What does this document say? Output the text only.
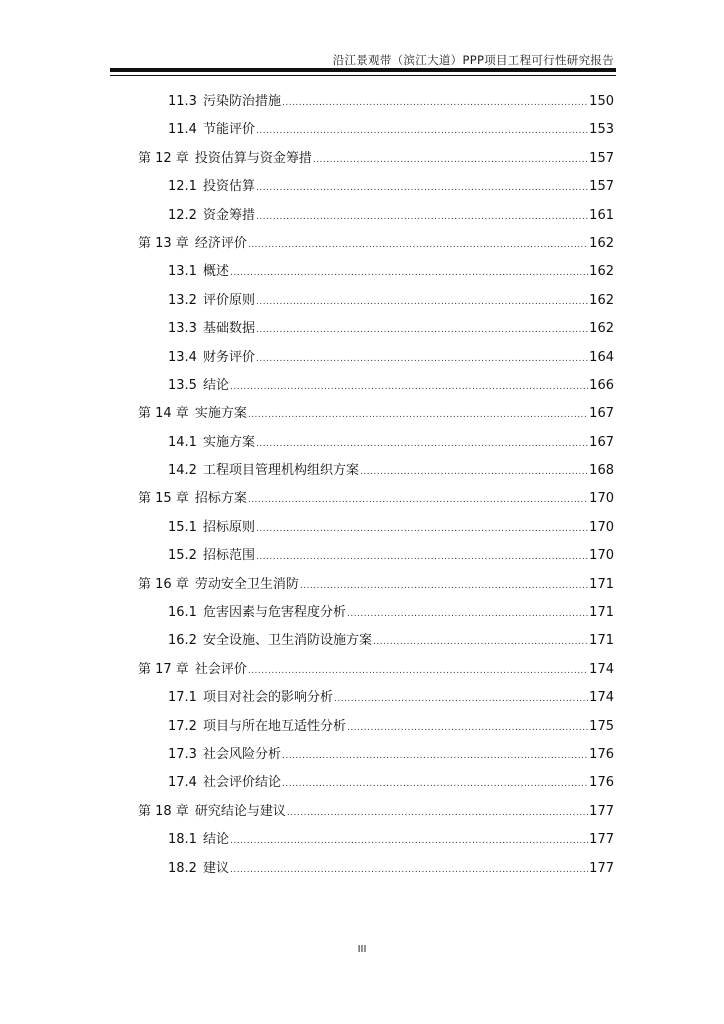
沿江景观带（滨江大道）PPP项目工程可行性研究报告
11.3 污染防治措施 .....	150
11.4 节能评价 .....	153
第 12 章 投资估算与资金筹措 .....	157
12.1 投资估算 .....	157
12.2 资金筹措 .....	161
第 13 章 经济评价 .....	162
13.1 概述 .....	162
13.2 评价原则 .....	162
13.3 基础数据 .....	162
13.4 财务评价 .....	164
13.5 结论 .....	166
第 14 章 实施方案 .....	167
14.1 实施方案 .....	167
14.2 工程项目管理机构组织方案 .....	168
第 15 章 招标方案 .....	170
15.1 招标原则 .....	170
15.2 招标范围 .....	170
第 16 章 劳动安全卫生消防 .....	171
16.1 危害因素与危害程度分析 .....	171
16.2 安全设施、卫生消防设施方案 .....	171
第 17 章 社会评价 .....	174
17.1 项目对社会的影响分析 .....	174
17.2 项目与所在地互适性分析 .....	175
17.3 社会风险分析 .....	176
17.4 社会评价结论 .....	176
第 18 章 研究结论与建议 .....	177
18.1 结论 .....	177
18.2 建议 .....	177
III
